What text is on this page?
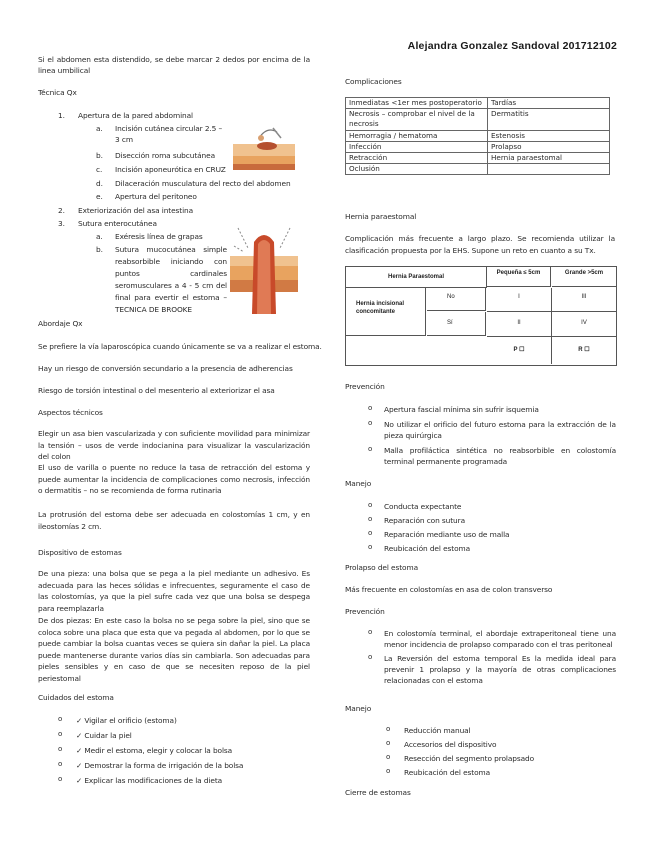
Alejandra Gonzalez Sandoval 201712102

Si el abdomen esta distendido, se debe marcar 2 dedos por encima de la linea umbilical

Técnica Qx

1. Apertura de la pared abdominal

a. Incisión cutánea circular 2.5 – 3 cm

b. Disección roma subcutánea

c. Incisión aponeurótica en CRUZ

d. Dilaceración musculatura del recto del abdomen

e. Apertura del peritoneo

2. Exteriorización del asa intestina

3. Sutura enterocutánea

a. Exéresis línea de grapas

b. Sutura mucocutánea simple reabsorbible iniciando con puntos cardinales seromusculares a 4 - 5 cm del final para evertir el estoma – TECNICA DE BROOKE

Abordaje Qx

Se prefiere la vía laparoscópica cuando únicamente se va a realizar el estoma.

Hay un riesgo de conversión secundario a la presencia de adherencias

Riesgo de torsión intestinal o del mesenterio al exteriorizar el asa

Aspectos técnicos

Elegir un asa bien vascularizada y con suficiente movilidad para minimizar la tensión – usos de verde indocianina para visualizar la vascularización del colon

El uso de varilla o puente no reduce la tasa de retracción del estoma y puede aumentar la incidencia de complicaciones como necrosis, infección o dermatitis – no se recomienda de forma rutinaria

La protrusión del estoma debe ser adecuada en colostomías 1 cm, y en ileostomías 2 cm.

Dispositivo de estomas

De una pieza: una bolsa que se pega a la piel mediante un adhesivo. Es adecuada para las heces sólidas e infrecuentes, seguramente el caso de las colostomías, ya que la piel sufre cada vez que una bolsa se despega para reemplazarla

De dos piezas: En este caso la bolsa no se pega sobre la piel, sino que se coloca sobre una placa que esta que va pegada al abdomen, por lo que se puede cambiar la bolsa cuantas veces se quiera sin dañar la piel. La placa puede mantenerse durante varios días sin cambiarla. Son adecuadas para pieles sensibles y en caso de que se necesiten reposo de la piel periestomal

Cuidados del estoma

o ✓ Vigilar el orificio (estoma)

o ✓ Cuidar la piel

o ✓ Medir el estoma, elegir y colocar la bolsa

o ✓ Demostrar la forma de irrigación de la bolsa

o ✓ Explicar las modificaciones de la dieta

Complicaciones

Inmediatas <1er mes postoperatorio	Tardías
Necrosis – comprobar el nivel de la necrosis	Dermatitis
Hemorragia / hematoma	Estenosis
Infección	Prolapso
Retracción	Hernia paraestomal
Oclusión	

Hernia paraestomal

Complicación más frecuente a largo plazo. Se recomienda utilizar la clasificación propuesta por la EHS. Supone un reto en cuanto a su Tx.

Hernia Paraestomal
Pequeña ≤ 5cm	Grande >5cm
Hernia incisional concomitante
No	I	III
Sí	II	IV
P ☐	R ☐

Prevención

o Apertura fascial mínima sin sufrir isquemia

o No utilizar el orificio del futuro estoma para la extracción de la pieza quirúrgica

o Malla profiláctica sintética no reabsorbible en colostomía terminal permanente programada

Manejo

o Conducta expectante

o Reparación con sutura

o Reparación mediante uso de malla

o Reubicación del estoma

Prolapso del estoma

Más frecuente en colostomías en asa de colon transverso

Prevención

o En colostomía terminal, el abordaje extraperitoneal tiene una menor incidencia de prolapso comparado con el tras peritoneal

o La Reversión del estoma temporal Es la medida ideal para prevenir 1 prolapso y la mayoría de otras complicaciones relacionadas con el estoma

Manejo

o Reducción manual

o Accesorios del dispositivo

o Resección del segmento prolapsado

o Reubicación del estoma

Cierre de estomas
